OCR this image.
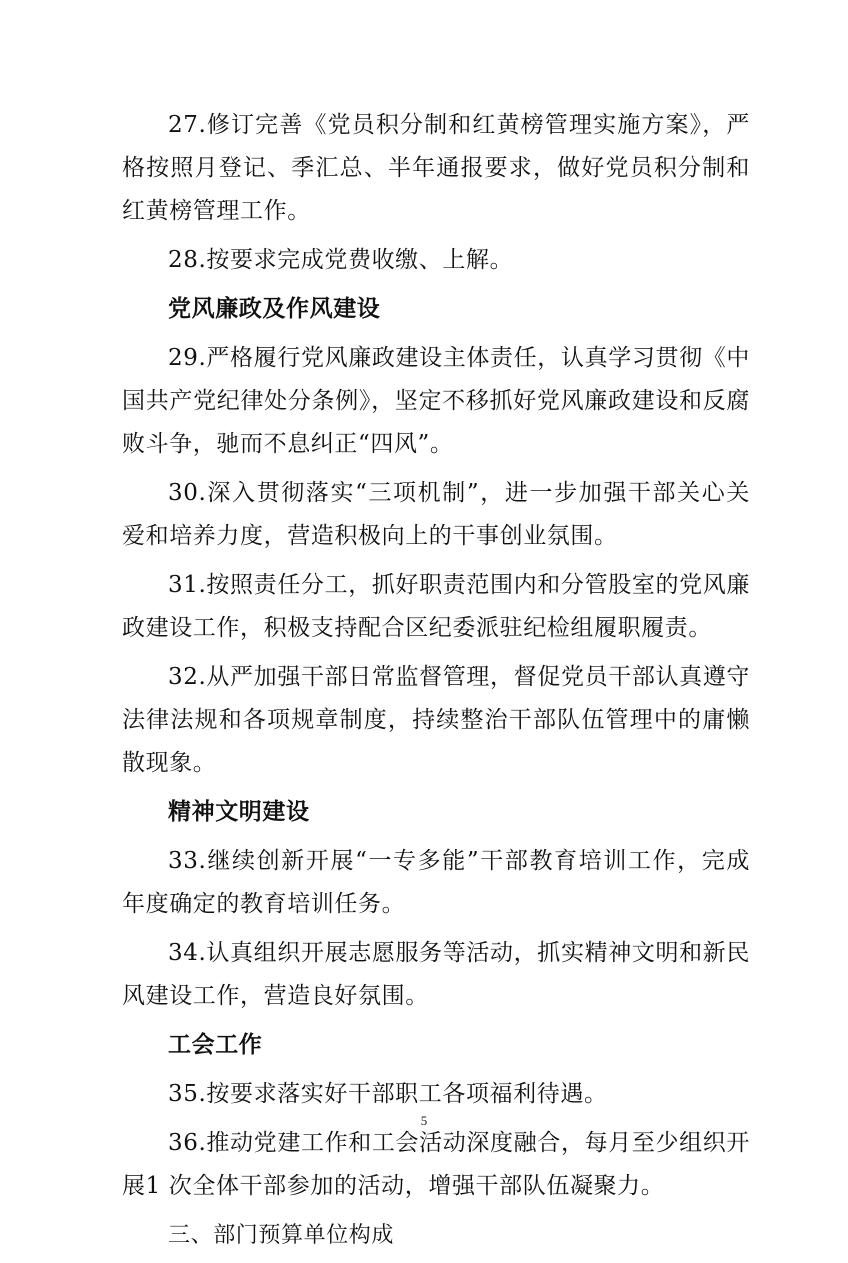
27.修订完善《党员积分制和红黄榜管理实施方案》，严格按照月登记、季汇总、半年通报要求，做好党员积分制和红黄榜管理工作。

28.按要求完成党费收缴、上解。

党风廉政及作风建设

29.严格履行党风廉政建设主体责任，认真学习贯彻《中国共产党纪律处分条例》，坚定不移抓好党风廉政建设和反腐败斗争，驰而不息纠正“四风”。

30.深入贯彻落实“三项机制”，进一步加强干部关心关爱和培养力度，营造积极向上的干事创业氛围。

31.按照责任分工，抓好职责范围内和分管股室的党风廉政建设工作，积极支持配合区纪委派驻纪检组履职履责。

32.从严加强干部日常监督管理，督促党员干部认真遵守法律法规和各项规章制度，持续整治干部队伍管理中的庸懒散现象。

精神文明建设

33.继续创新开展“一专多能”干部教育培训工作，完成年度确定的教育培训任务。

34.认真组织开展志愿服务等活动，抓实精神文明和新民风建设工作，营造良好氛围。

工会工作

35.按要求落实好干部职工各项福利待遇。

36.推动党建工作和工会活动深度融合，每月至少组织开展1 次全体干部参加的活动，增强干部队伍凝聚力。

三、部门预算单位构成

5
